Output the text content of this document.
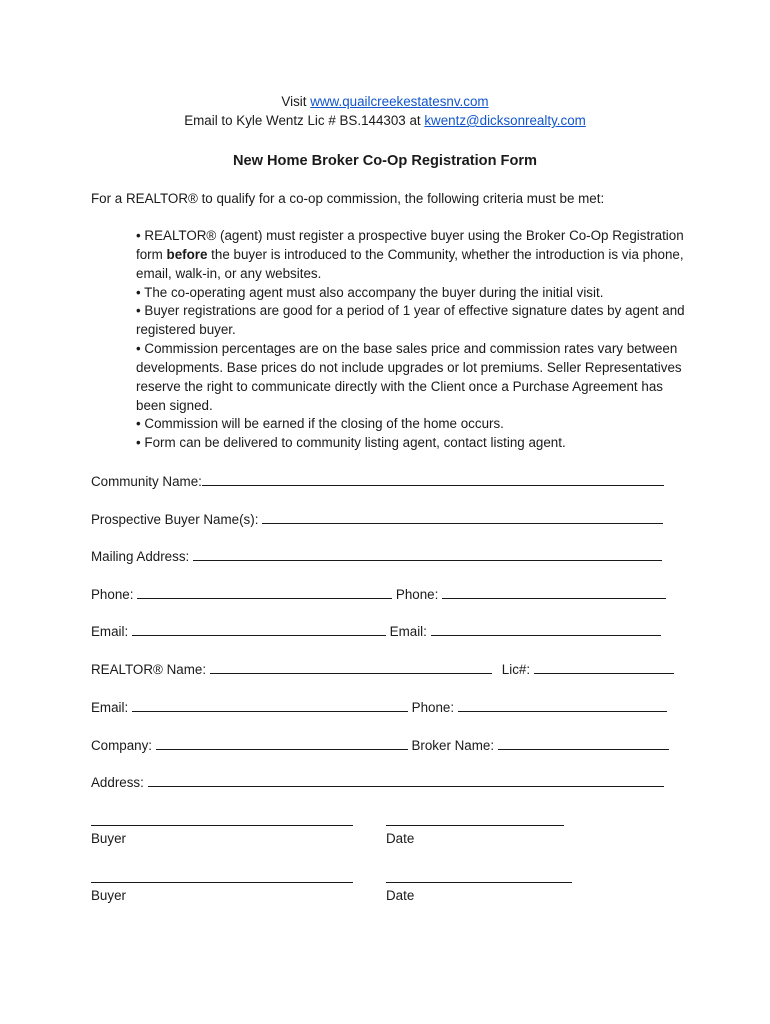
Visit www.quailcreekestatesnv.com
Email to Kyle Wentz Lic # BS.144303 at kwentz@dicksonrealty.com
New Home Broker Co-Op Registration Form
For a REALTOR® to qualify for a co-op commission, the following criteria must be met:
• REALTOR® (agent) must register a prospective buyer using the Broker Co-Op Registration form before the buyer is introduced to the Community, whether the introduction is via phone, email, walk-in, or any websites.
• The co-operating agent must also accompany the buyer during the initial visit.
• Buyer registrations are good for a period of 1 year of effective signature dates by agent and registered buyer.
• Commission percentages are on the base sales price and commission rates vary between developments. Base prices do not include upgrades or lot premiums. Seller Representatives reserve the right to communicate directly with the Client once a Purchase Agreement has been signed.
• Commission will be earned if the closing of the home occurs.
• Form can be delivered to community listing agent, contact listing agent.
Community Name:
Prospective Buyer Name(s):
Mailing Address:
Phone:	Phone:
Email:	Email:
REALTOR® Name:	Lic#:
Email:	Phone:
Company:	Broker Name:
Address:
Buyer	Date
Buyer	Date
